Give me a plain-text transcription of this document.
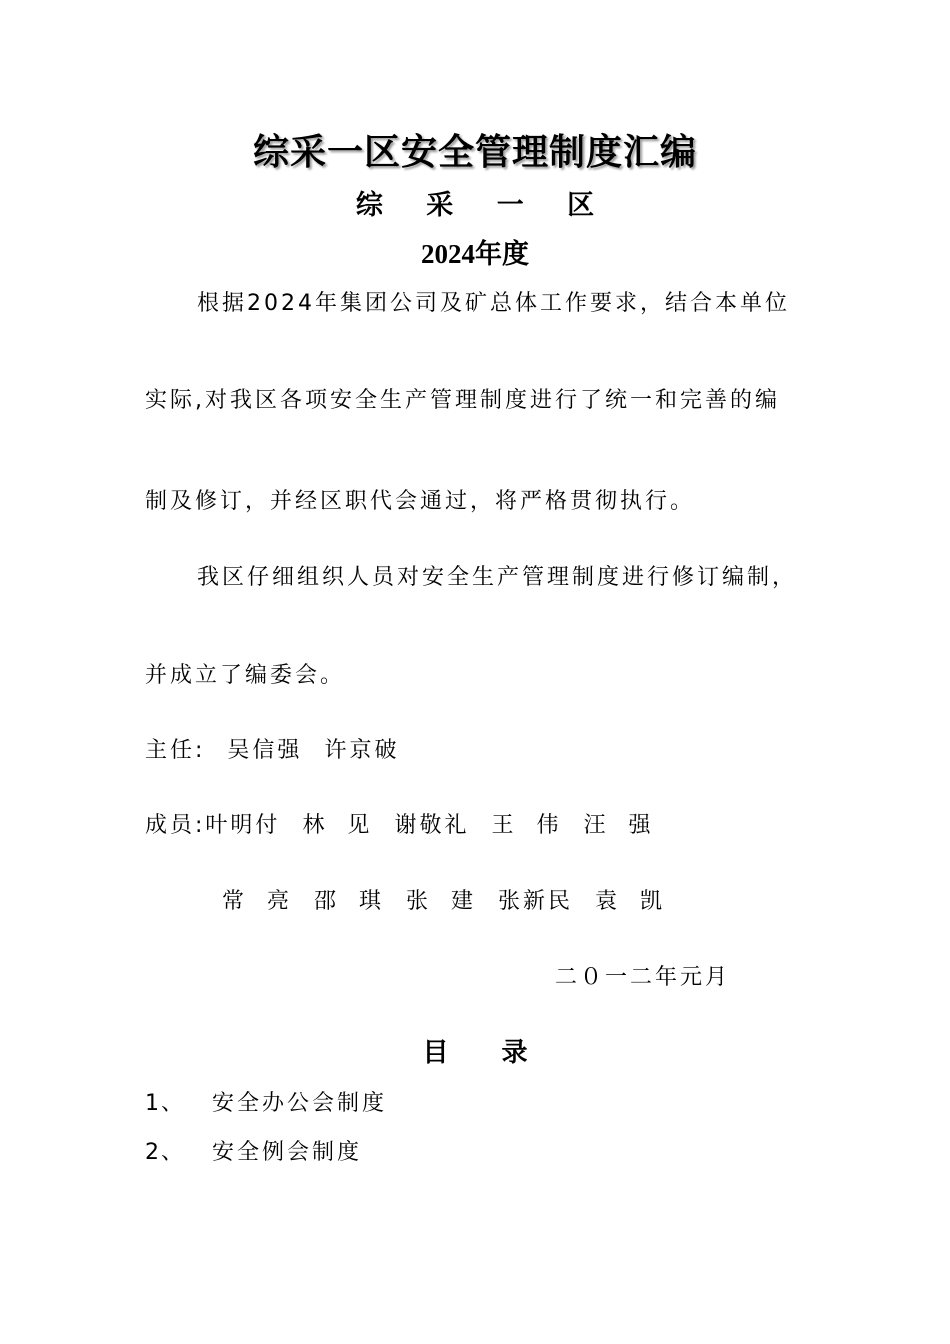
综采一区安全管理制度汇编
综 采 一 区
2024年度
根据2024年集团公司及矿总体工作要求，结合本单位
实际,对我区各项安全生产管理制度进行了统一和完善的编
制及修订，并经区职代会通过，将严格贯彻执行。
我区仔细组织人员对安全生产管理制度进行修订编制，
并成立了编委会。
主任: 吴信强 许京破
成员:叶明付 林  见 谢敬礼 王  伟 汪  强
常  亮 邵  琪 张  建 张新民 袁  凯
二０一二年元月
目 录
1、 安全办公会制度
2、 安全例会制度
